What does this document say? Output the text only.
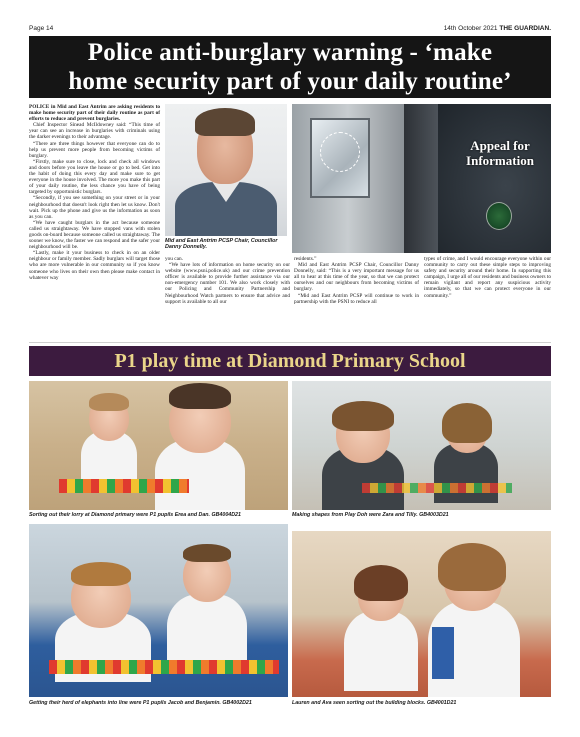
Page 14	14th October 2021 THE GUARDIAN.
Police anti-burglary warning - ‘make
home security part of your daily routine’

POLICE in Mid and East Antrim are asking residents to make home security part of their daily routine as part of efforts to reduce and prevent burglaries.

Chief Inspector Sinead McIldowney said: “This time of year can see an increase in burglaries with criminals using the darker evenings to their advantage.

“There are three things however that everyone can do to help us prevent more people from becoming victims of burglary.

“Firstly, make sure to close, lock and check all windows and doors before you leave the house or go to bed. Get into the habit of doing this every day and make sure to get everyone in the house involved. The more you make this part of your daily routine, the less chance you have of being targeted by opportunistic burglars.

“Secondly, if you see something on your street or in your neighbourhood that doesn't look right then let us know. Don't wait. Pick up the phone and give us the information as soon as you can.

“We have caught burglars in the act because someone called us straightaway. We have stopped vans with stolen goods on-board because someone called us straightaway. The sooner we know, the faster we can respond and the safer your neighbourhood will be.

“Lastly, make it your business to check in on an older neighbour or family member. Sadly burglars will target those who are more vulnerable in our community so if you know someone who lives on their own then please make contact in whatever way

Mid and East Antrim PCSP Chair, Councillor Danny Donnelly.
Appeal for Information

you can.

“We have lots of information on home security on our website (www.psni.police.uk) and our crime prevention officer is available to provide further assistance via our non-emergency number 101. We also work closely with our Policing and Community Partnership and Neighbourhood Watch partners to ensure that advice and support is available to all our

residents.”

Mid and East Antrim PCSP Chair, Councillor Danny Donnelly, said: “This is a very important message for us all to hear at this time of the year, so that we can protect ourselves and our neighbours from becoming victims of burglary.

“Mid and East Antrim PCSP will continue to work in partnership with the PSNI to reduce all

types of crime, and I would encourage everyone within our community to carry out these simple steps to improving safety and security around their home. In supporting this campaign, I urge all of our residents and business owners to remain vigilant and report any suspicious activity immediately, so that we can protect everyone in our community.”

P1 play time at Diamond Primary School
Sorting out their lorry at Diamond primary were P1 pupils Erea and Dan. GB4004D21	Making shapes from Play Doh were Zara and Tilly. GB4003D21
Getting their herd of elephants into line were P1 pupils Jacob and Benjamin. GB4002D21	Lauren and Ava seen sorting out the building blocks. GB4001D21
